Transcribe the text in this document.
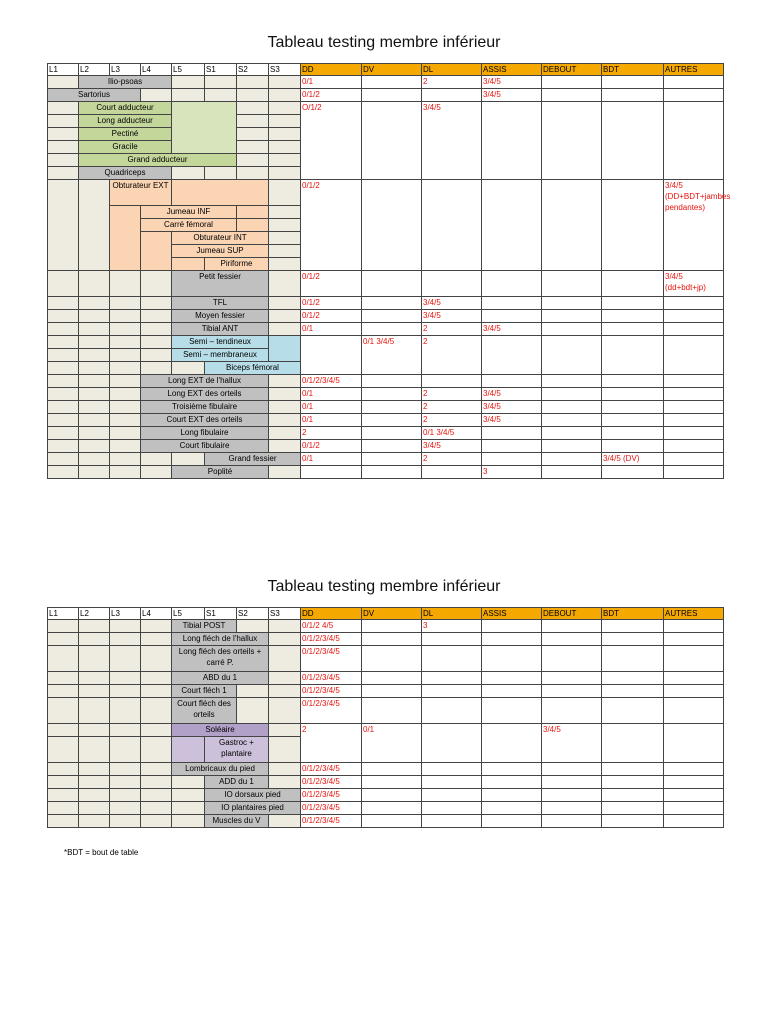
Tableau testing membre inférieur
L1	L2	L3	L4	L5	S1	S2	S3	DD	DV	DL	ASSIS	DEBOUT	BDT	AUTRES
	Ilio-psoas							0/1		2	3/4/5			
Sartorius								0/1/2			3/4/5			
	Court adducteur							O/1/2		3/4/5				
	Long adducteur													
	Pectiné													
	Gracile													
	Grand adducteur													
	Quadriceps													
		Obturateur EXT						0/1/2						3/4/5 (DD+BDT+jambes pendantes)
			Jumeau INF											
			Carré fémoral											
				Obturateur INT										
				Jumeau SUP										
					Piriforme									
				Petit fessier				0/1/2						3/4/5 (dd+bdt+jp)
				TFL				0/1/2		3/4/5				
				Moyen fessier				0/1/2		3/4/5				
				Tibial ANT				0/1		2	3/4/5			
				Semi – tendineux					0/1 3/4/5	2				
				Semi – membraneux										
					Biceps fémoral									
			Long EXT de l'hallux					0/1/2/3/4/5						
			Long EXT des orteils					0/1		2	3/4/5			
			Troisième fibulaire					0/1		2	3/4/5			
			Court EXT des orteils					0/1		2	3/4/5			
			Long fibulaire					2		0/1 3/4/5				
			Court fibulaire					0/1/2		3/4/5				
					Grand fessier			0/1		2			3/4/5 (DV)	
				Poplité							3			
Tableau testing membre inférieur
L1	L2	L3	L4	L5	S1	S2	S3	DD	DV	DL	ASSIS	DEBOUT	BDT	AUTRES
				Tibial POST				0/1/2 4/5		3				
				Long fléch de l'hallux				0/1/2/3/4/5						
				Long fléch des orteils + carré P.				0/1/2/3/4/5						
				ABD du 1				0/1/2/3/4/5						
				Court fléch 1				0/1/2/3/4/5						
				Court fléch des orteils				0/1/2/3/4/5						
				Soléaire				2	0/1			3/4/5		
					Gastroc + plantaire									
				Lombricaux du pied				0/1/2/3/4/5						
					ADD du 1			0/1/2/3/4/5						
					IO dorsaux pied			0/1/2/3/4/5						
					IO plantaires pied			0/1/2/3/4/5						
					Muscles du V			0/1/2/3/4/5						
*BDT = bout de table
